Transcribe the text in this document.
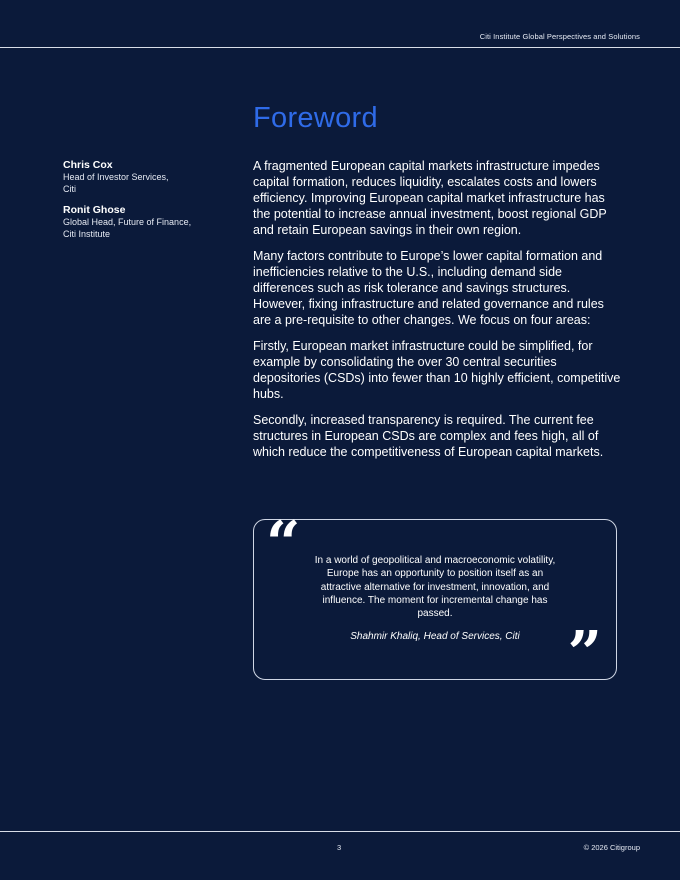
Citi Institute Global Perspectives and Solutions
Foreword
Chris Cox
Head of Investor Services,
Citi
Ronit Ghose
Global Head, Future of Finance,
Citi Institute

A fragmented European capital markets infrastructure impedes capital formation, reduces liquidity, escalates costs and lowers efficiency. Improving European capital market infrastructure has the potential to increase annual investment, boost regional GDP and retain European savings in their own region.

Many factors contribute to Europe’s lower capital formation and inefficiencies relative to the U.S., including demand side differences such as risk tolerance and savings structures. However, fixing infrastructure and related governance and rules are a pre-requisite to other changes. We focus on four areas:

Firstly, European market infrastructure could be simplified, for example by consolidating the over 30 central securities depositories (CSDs) into fewer than 10 highly efficient, competitive hubs.

Secondly, increased transparency is required. The current fee structures in European CSDs are complex and fees high, all of which reduce the competitiveness of European capital markets.

“	In a world of geopolitical and macroeconomic volatility, Europe has an opportunity to position itself as an attractive alternative for investment, innovation, and influence. The moment for incremental change has passed.
Shahmir Khaliq, Head of Services, Citi ”
3	© 2026 Citigroup
